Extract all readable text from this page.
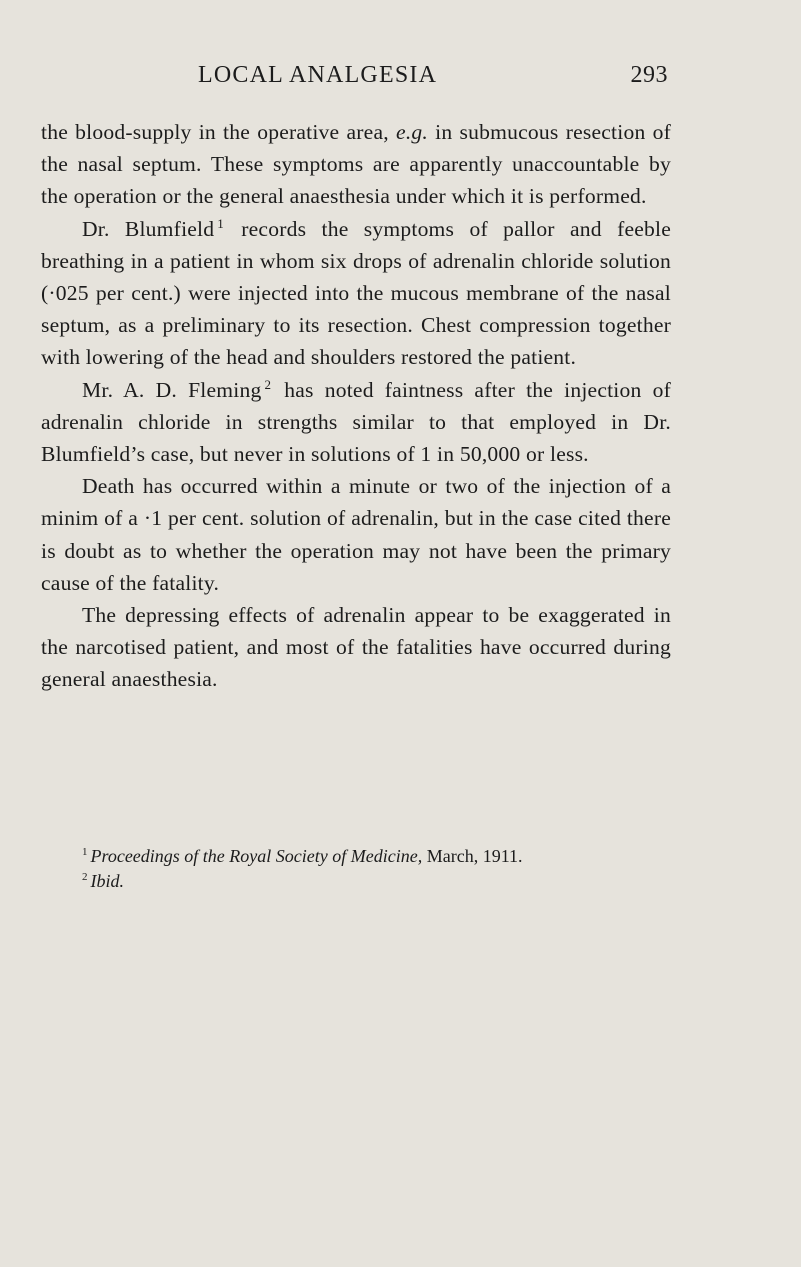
LOCAL ANALGESIA	293

the blood-supply in the operative area, e.g. in submucous resection of the nasal septum. These symptoms are apparently unaccountable by the operation or the general anaesthesia under which it is performed.

Dr. Blumfield $^1$ records the symptoms of pallor and feeble breathing in a patient in whom six drops of adrenalin chloride solution (·025 per cent.) were injected into the mucous membrane of the nasal septum, as a preliminary to its resection. Chest compression together with lowering of the head and shoulders restored the patient.

Mr. A. D. Fleming $^2$ has noted faintness after the injection of adrenalin chloride in strengths similar to that employed in Dr. Blumfield’s case, but never in solutions of 1 in 50,000 or less.

Death has occurred within a minute or two of the injection of a minim of a ·1 per cent. solution of adrenalin, but in the case cited there is doubt as to whether the operation may not have been the primary cause of the fatality.

The depressing effects of adrenalin appear to be exaggerated in the narcotised patient, and most of the fatalities have occurred during general anaesthesia.

$^1$ Proceedings of the Royal Society of Medicine, March, 1911.

$^2$ Ibid.
